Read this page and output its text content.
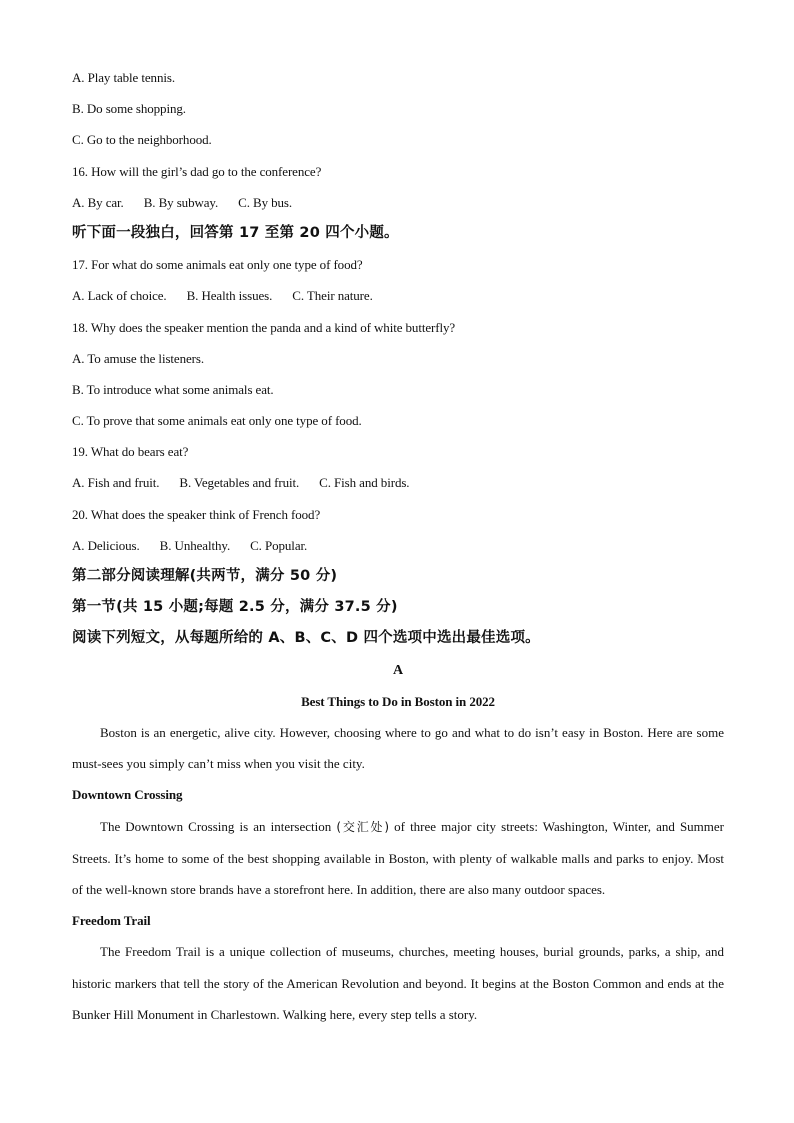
A. Play table tennis.
B. Do some shopping.
C. Go to the neighborhood.
16. How will the girl’s dad go to the conference?
A. By car. B. By subway. C. By bus.
听下面一段独白，回答第 17 至第 20 四个小题。
17. For what do some animals eat only one type of food?
A. Lack of choice. B. Health issues. C. Their nature.
18. Why does the speaker mention the panda and a kind of white butterfly?
A. To amuse the listeners.
B. To introduce what some animals eat.
C. To prove that some animals eat only one type of food.
19. What do bears eat?
A. Fish and fruit. B. Vegetables and fruit. C. Fish and birds.
20. What does the speaker think of French food?
A. Delicious. B. Unhealthy. C. Popular.
第二部分阅读理解(共两节，满分 50 分)
第一节(共 15 小题;每题 2.5 分，满分 37.5 分)
阅读下列短文，从每题所给的 A、B、C、D 四个选项中选出最佳选项。
A
Best Things to Do in Boston in 2022

Boston is an energetic, alive city. However, choosing where to go and what to do isn’t easy in Boston. Here are some must-sees you simply can’t miss when you visit the city.

Downtown Crossing

The Downtown Crossing is an intersection (交汇处) of three major city streets: Washington, Winter, and Summer Streets. It’s home to some of the best shopping available in Boston, with plenty of walkable malls and parks to enjoy. Most of the well-known store brands have a storefront here. In addition, there are also many outdoor spaces.

Freedom Trail

The Freedom Trail is a unique collection of museums, churches, meeting houses, burial grounds, parks, a ship, and historic markers that tell the story of the American Revolution and beyond. It begins at the Boston Common and ends at the Bunker Hill Monument in Charlestown. Walking here, every step tells a story.
